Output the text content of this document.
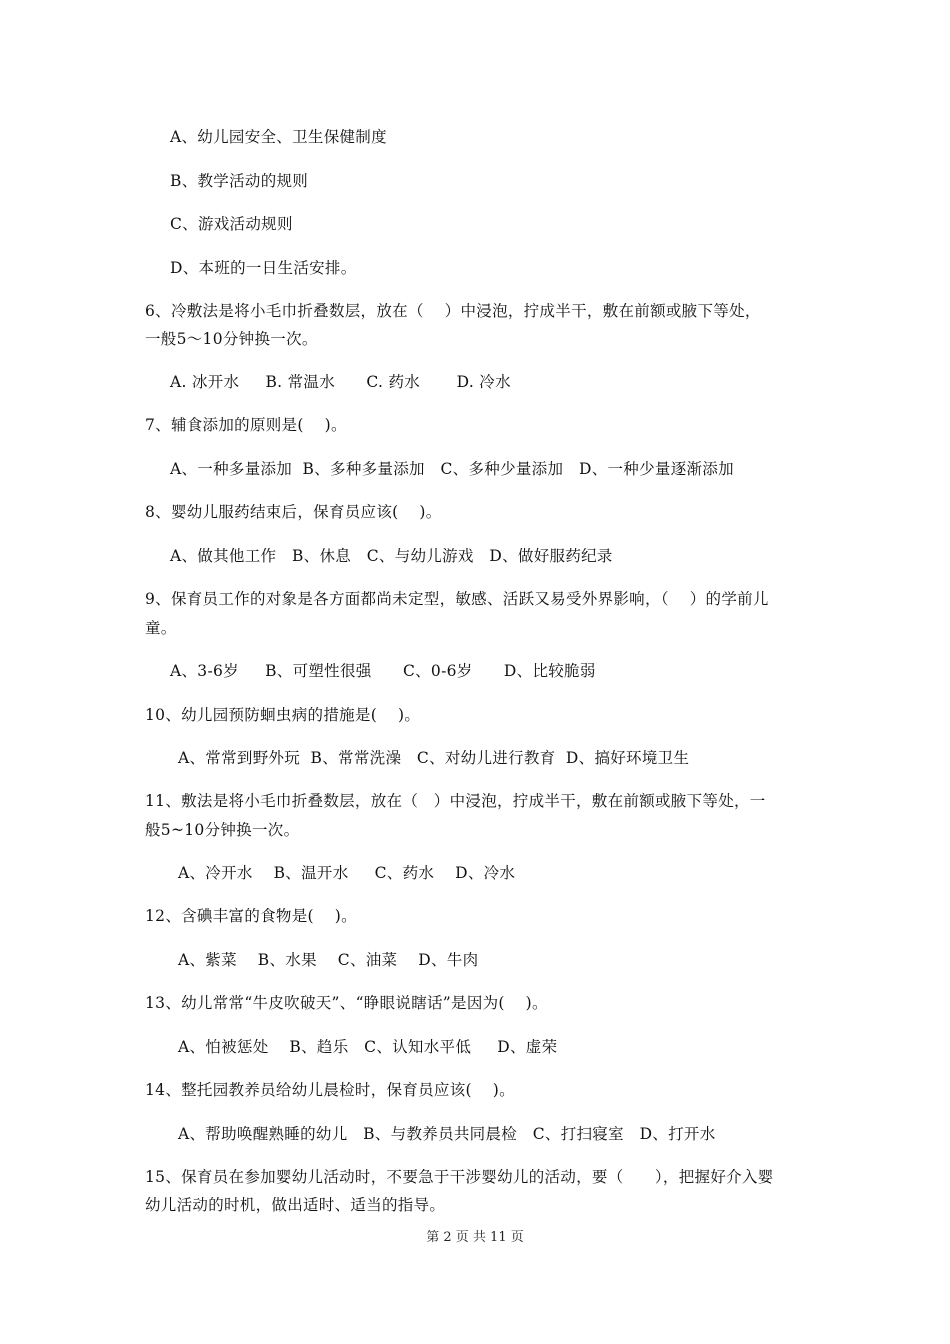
A、幼儿园安全、卫生保健制度
B、教学活动的规则
C、游戏活动规则
D、本班的一日生活安排。
6、冷敷法是将小毛巾折叠数层，放在（    ）中浸泡，拧成半干，敷在前额或腋下等处，
一般5～10分钟换一次。
A. 冰开水     B. 常温水      C. 药水       D. 冷水
7、辅食添加的原则是(    )。
A、一种多量添加  B、多种多量添加   C、多种少量添加   D、一种少量逐渐添加
8、婴幼儿服药结束后，保育员应该(    )。
A、做其他工作   B、休息   C、与幼儿游戏   D、做好服药纪录
9、保育员工作的对象是各方面都尚未定型，敏感、活跃又易受外界影响，（    ）的学前儿
童。
A、3-6岁     B、可塑性很强      C、0-6岁      D、比较脆弱
10、幼儿园预防蛔虫病的措施是(    )。
A、常常到野外玩  B、常常洗澡   C、对幼儿进行教育  D、搞好环境卫生
11、敷法是将小毛巾折叠数层，放在（   ）中浸泡，拧成半干，敷在前额或腋下等处，一
般5~10分钟换一次。
A、冷开水    B、温开水     C、药水    D、冷水
12、含碘丰富的食物是(    )。
A、紫菜    B、水果    C、油菜    D、牛肉
13、幼儿常常“牛皮吹破天”、“睁眼说瞎话”是因为(    )。
A、怕被惩处    B、趋乐   C、认知水平低     D、虚荣
14、整托园教养员给幼儿晨检时，保育员应该(    )。
A、帮助唤醒熟睡的幼儿   B、与教养员共同晨检   C、打扫寝室   D、打开水
15、保育员在参加婴幼儿活动时，不要急于干涉婴幼儿的活动，要（      ），把握好介入婴
幼儿活动的时机，做出适时、适当的指导。
第 2 页 共 11 页
